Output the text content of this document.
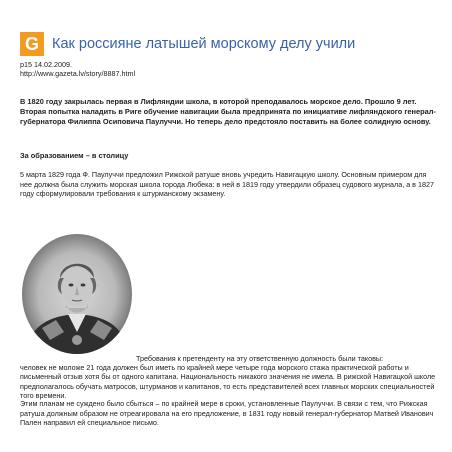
G Как россияне латышей морскому делу учили
p15 14.02.2009.
http://www.gazeta.lv/story/8887.html
В 1820 году закрылась первая в Лифляндии школа, в которой преподавалось морское дело. Прошло 9 лет. Вторая попытка наладить в Риге обучение навигации была предпринята по инициативе лифляндского генерал-губернатора Филиппа Осиповича Паулуччи. Но теперь дело предстояло поставить на более солидную основу.
За образованием – в столицу
5 марта 1829 года Ф. Паулуччи предложил Рижской ратуше вновь учредить Навигацкую школу. Основным примером для нее должна была служить морская школа города Любека: в ней в 1819 году утвердили образец судового журнала, а в 1827 году сформулировали требования к штурманскому экзамену.
Требования к претенденту на эту ответственную должность были таковы:
человек не моложе 21 года должен был иметь по крайней мере четыре года морского стажа практической работы и письменный отзыв хотя бы от одного капитана. Национальность никакого значения не имела. В рижской Навигацкой школе предполагалось обучать матросов, штурманов и капитанов, то есть представителей всех главных морских специальностей того времени.
Этим планам не суждено было сбыться – по крайней мере в сроки, установленные Паулуччи. В связи с тем, что Рижская ратуша должным образом не отреагировала на его предложение, в 1831 году новый генерал-губернатор Матвей Иванович Пален направил ей специальное письмо.
